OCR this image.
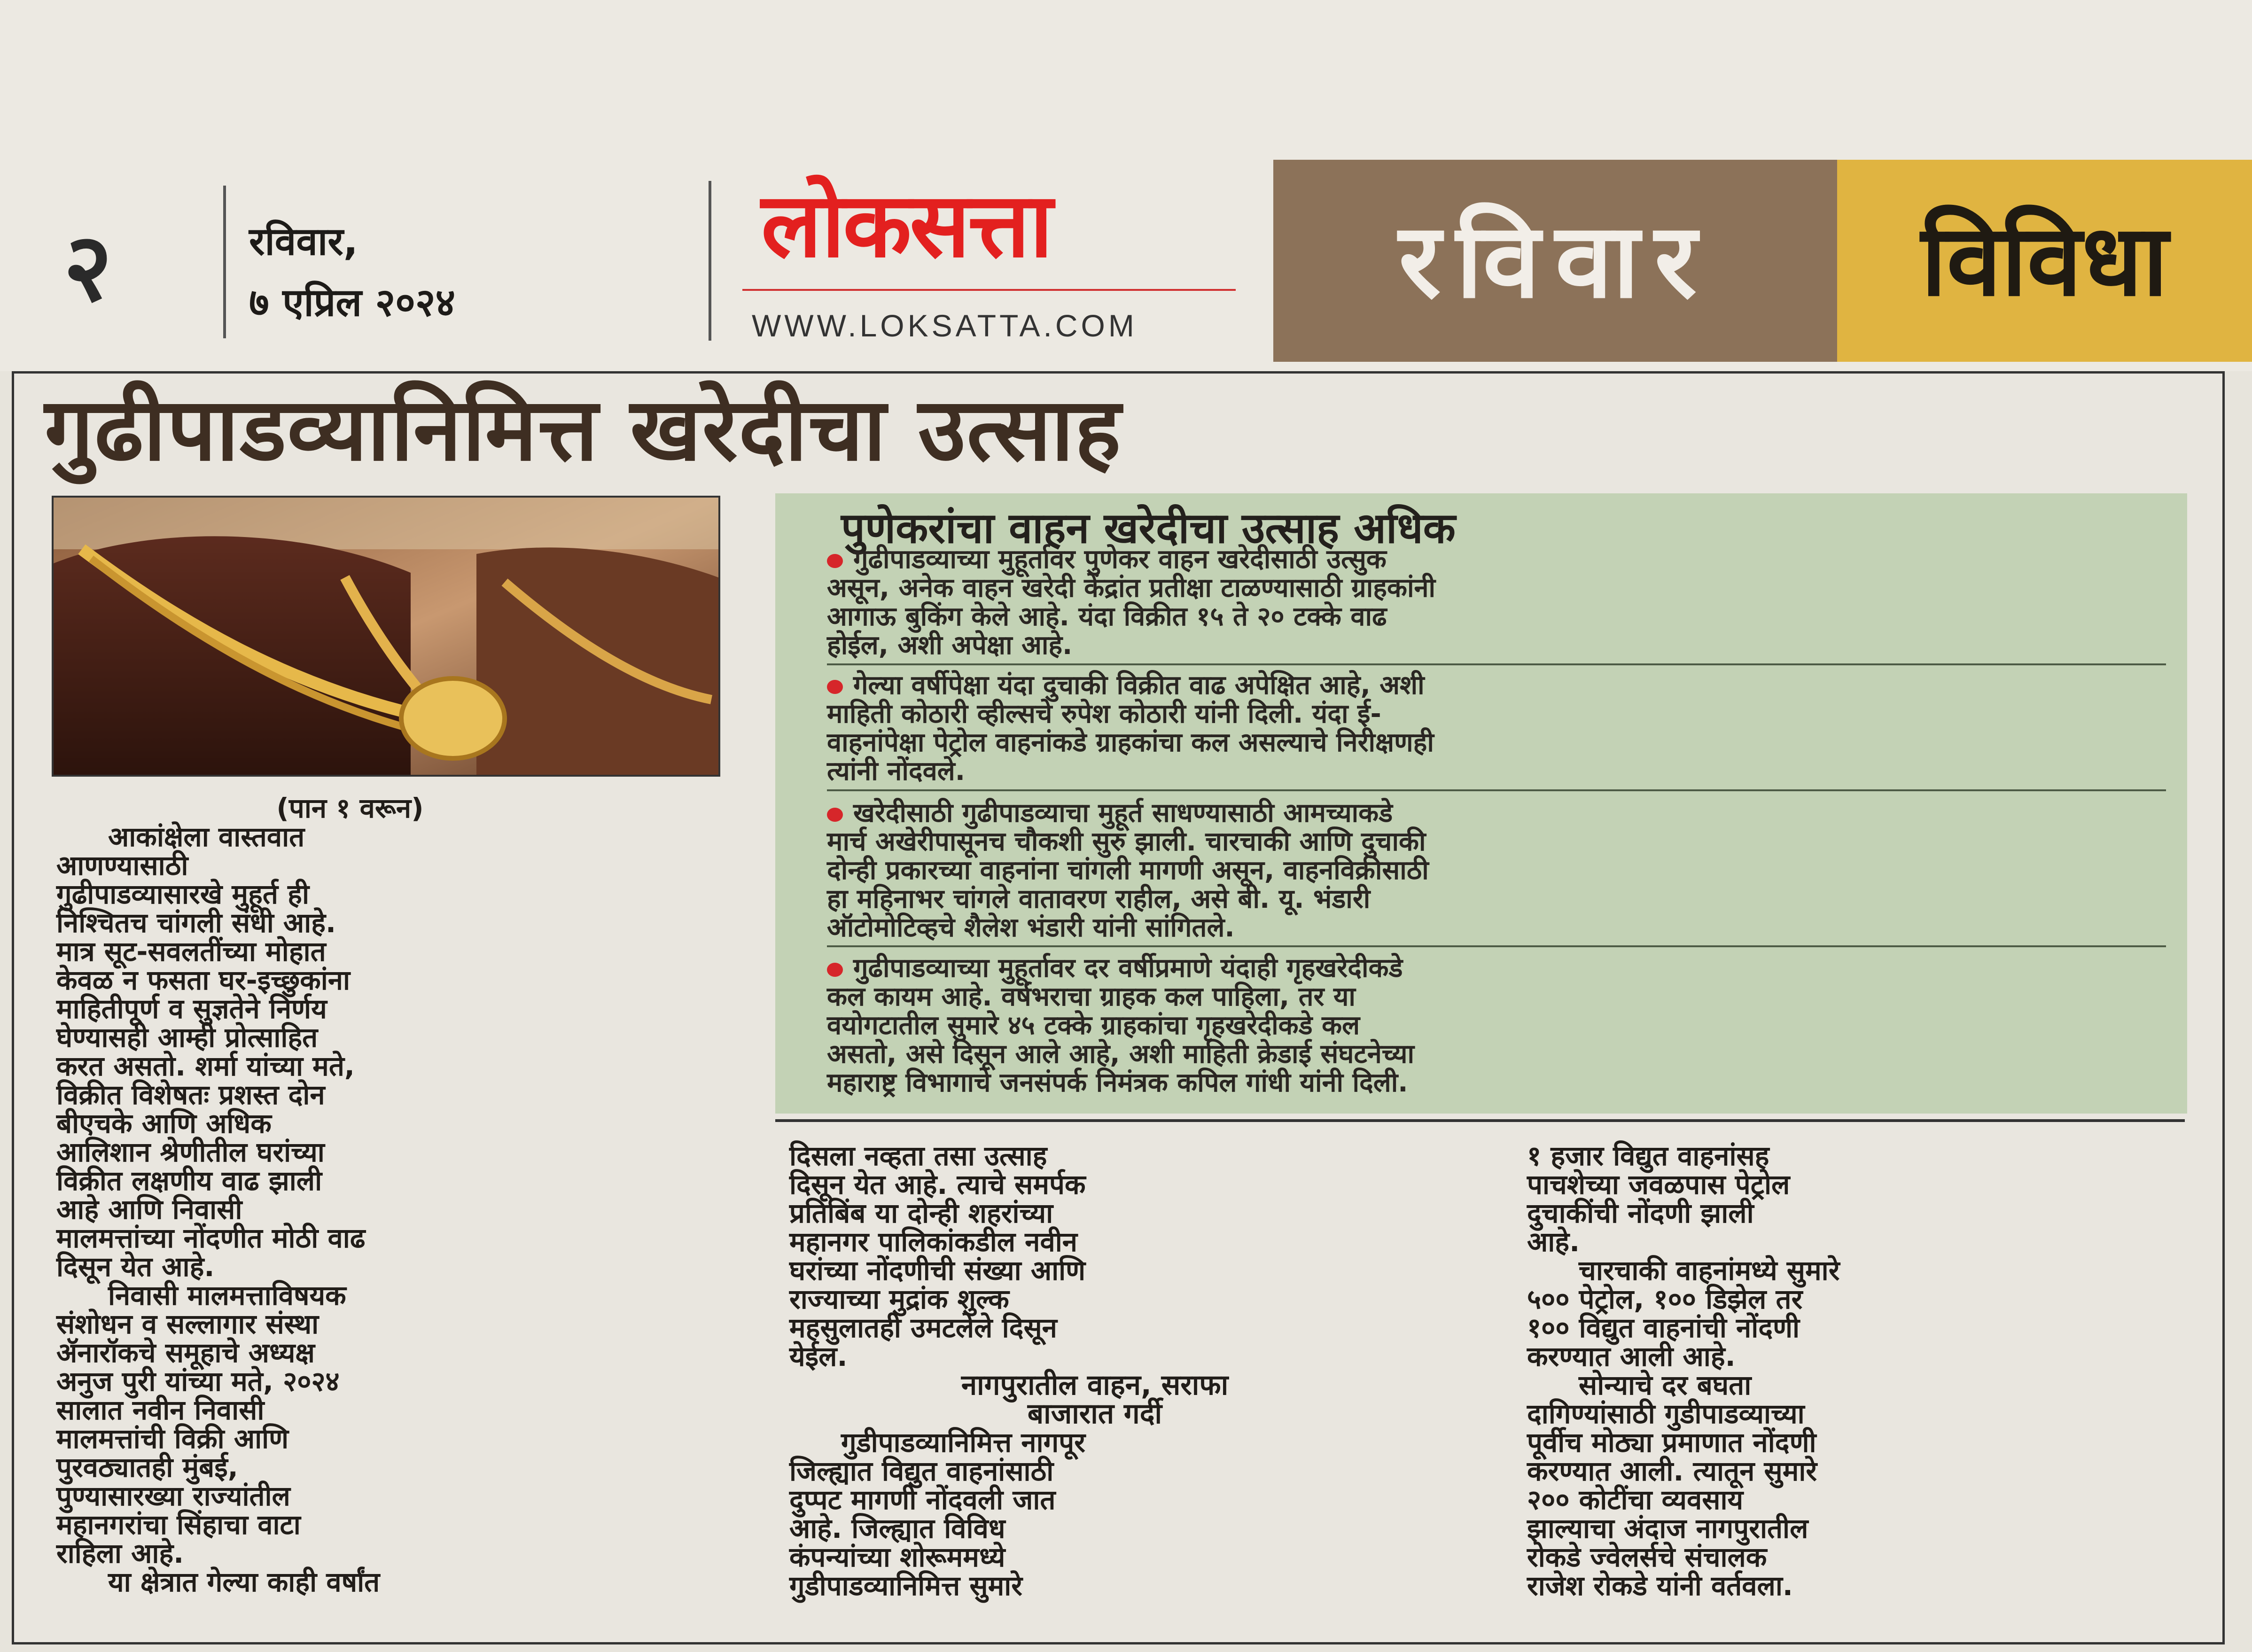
२	रविवार,
७ एप्रिल २०२४
लोकसत्ता
WWW.LOKSATTA.COM
रविवार	विविधा
गुढीपाडव्यानिमित्त खरेदीचा उत्साह

(पान १ वरून)

आकांक्षेला वास्तवात

आणण्यासाठी

गुढीपाडव्यासारखे मुहूर्त ही

निश्चितच चांगली संधी आहे.

मात्र सूट-सवलतींच्या मोहात

केवळ न फसता घर-इच्छुकांना

माहितीपूर्ण व सुज्ञतेने निर्णय

घेण्यासही आम्ही प्रोत्साहित

करत असतो. शर्मा यांच्या मते,

विक्रीत विशेषतः प्रशस्त दोन

बीएचके आणि अधिक

आलिशान श्रेणीतील घरांच्या

विक्रीत लक्षणीय वाढ झाली

आहे आणि निवासी

मालमत्तांच्या नोंदणीत मोठी वाढ

दिसून येत आहे.

निवासी मालमत्ताविषयक

संशोधन व सल्लागार संस्था

ॲनारॉकचे समूहाचे अध्यक्ष

अनुज पुरी यांच्या मते, २०२४

सालात नवीन निवासी

मालमत्तांची विक्री आणि

पुरवठ्यातही मुंबई,

पुण्यासारख्या राज्यांतील

महानगरांचा सिंहाचा वाटा

राहिला आहे.

या क्षेत्रात गेल्या काही वर्षांत

पुणेकरांचा वाहन खरेदीचा उत्साह अधिक

गुढीपाडव्याच्या मुहूर्तावर पुणेकर वाहन खरेदीसाठी उत्सुक

असून, अनेक वाहन खरेदी केंद्रांत प्रतीक्षा टाळण्यासाठी ग्राहकांनी

आगाऊ बुकिंग केले आहे. यंदा विक्रीत १५ ते २० टक्के वाढ

होईल, अशी अपेक्षा आहे.

गेल्या वर्षीपेक्षा यंदा दुचाकी विक्रीत वाढ अपेक्षित आहे, अशी

माहिती कोठारी व्हील्सचे रुपेश कोठारी यांनी दिली. यंदा ई-

वाहनांपेक्षा पेट्रोल वाहनांकडे ग्राहकांचा कल असल्याचे निरीक्षणही

त्यांनी नोंदवले.

खरेदीसाठी गुढीपाडव्याचा मुहूर्त साधण्यासाठी आमच्याकडे

मार्च अखेरीपासूनच चौकशी सुरु झाली. चारचाकी आणि दुचाकी

दोन्ही प्रकारच्या वाहनांना चांगली मागणी असून, वाहनविक्रीसाठी

हा महिनाभर चांगले वातावरण राहील, असे बी. यू. भंडारी

ऑटोमोटिव्हचे शैलेश भंडारी यांनी सांगितले.

गुढीपाडव्याच्या मुहूर्तावर दर वर्षीप्रमाणे यंदाही गृहखरेदीकडे

कल कायम आहे. वर्षभराचा ग्राहक कल पाहिला, तर या

वयोगटातील सुमारे ४५ टक्के ग्राहकांचा गृहखरेदीकडे कल

असतो, असे दिसून आले आहे, अशी माहिती क्रेडाई संघटनेच्या

महाराष्ट्र विभागाचे जनसंपर्क निमंत्रक कपिल गांधी यांनी दिली.

दिसला नव्हता तसा उत्साह

दिसून येत आहे. त्याचे समर्पक

प्रतिबिंब या दोन्ही शहरांच्या

महानगर पालिकांकडील नवीन

घरांच्या नोंदणीची संख्या आणि

राज्याच्या मुद्रांक शुल्क

महसुलातही उमटलेले दिसून

येईल.

नागपुरातील वाहन, सराफा

बाजारात गर्दी

गुडीपाडव्यानिमित्त नागपूर

जिल्ह्यात विद्युत वाहनांसाठी

दुप्पट मागणी नोंदवली जात

आहे. जिल्ह्यात विविध

कंपन्यांच्या शोरूममध्ये

गुडीपाडव्यानिमित्त सुमारे

१ हजार विद्युत वाहनांसह

पाचशेच्या जवळपास पेट्रोल

दुचाकींची नोंदणी झाली

आहे.

चारचाकी वाहनांमध्ये सुमारे

५०० पेट्रोल, १०० डिझेल तर

१०० विद्युत वाहनांची नोंदणी

करण्यात आली आहे.

सोन्याचे दर बघता

दागिण्यांसाठी गुडीपाडव्याच्या

पूर्वीच मोठ्या प्रमाणात नोंदणी

करण्यात आली. त्यातून सुमारे

२०० कोटींचा व्यवसाय

झाल्याचा अंदाज नागपुरातील

रोकडे ज्वेलर्सचे संचालक

राजेश रोकडे यांनी वर्तवला.
